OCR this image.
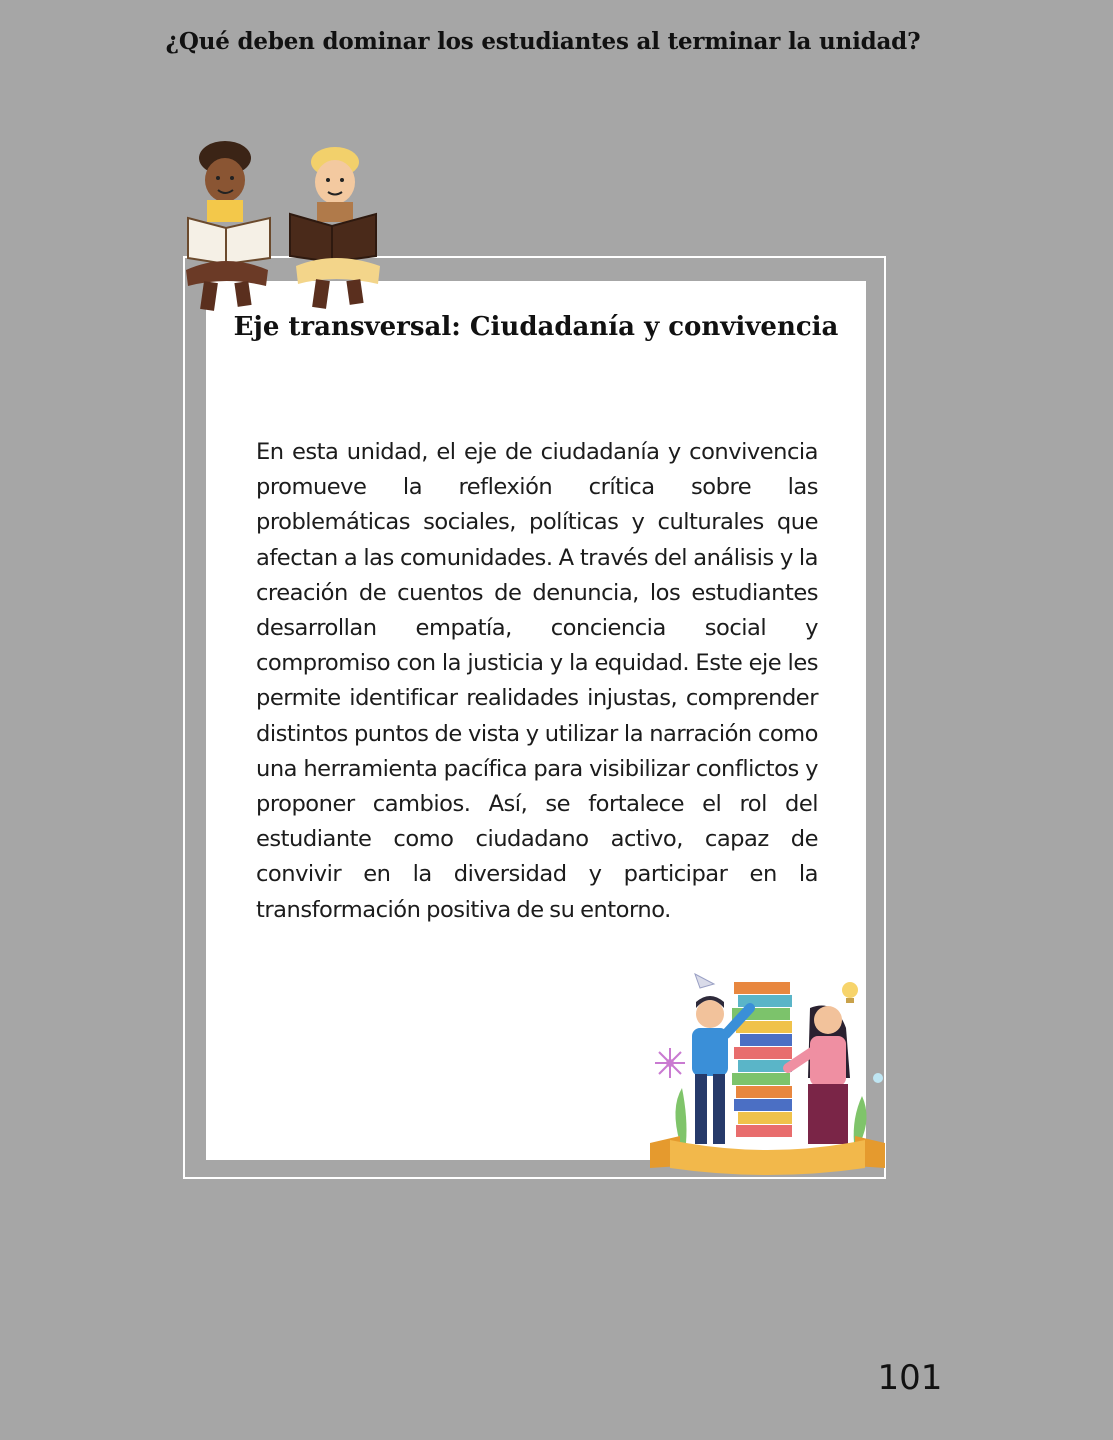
¿Qué deben dominar los estudiantes al terminar la unidad?
Eje transversal: Ciudadanía y convivencia
En esta unidad, el eje de ciudadanía y convivencia promueve la reflexión crítica sobre las problemáticas sociales, políticas y culturales que afectan a las comunidades. A través del análisis y la creación de cuentos de denuncia, los estudiantes desarrollan empatía, conciencia social y compromiso con la justicia y la equidad. Este eje les permite identificar realidades injustas, comprender distintos puntos de vista y utilizar la narración como una herramienta pacífica para visibilizar conflictos y proponer cambios. Así, se fortalece el rol del estudiante como ciudadano activo, capaz de convivir en la diversidad y participar en la transformación positiva de su entorno.
101
